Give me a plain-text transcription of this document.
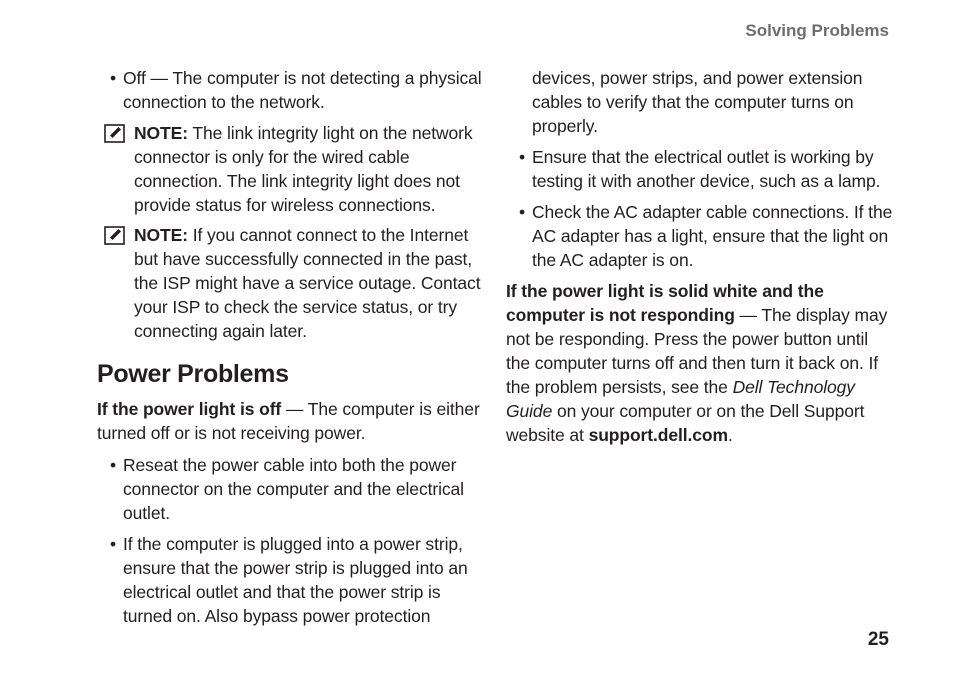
Solving Problems
• Off — The computer is not detecting a physical connection to the network.
NOTE: The link integrity light on the network connector is only for the wired cable connection. The link integrity light does not provide status for wireless connections.
NOTE: If you cannot connect to the Internet but have successfully connected in the past, the ISP might have a service outage. Contact your ISP to check the service status, or try connecting again later.
Power Problems

If the power light is off — The computer is either turned off or is not receiving power.

• Reseat the power cable into both the power connector on the computer and the electrical outlet.
• If the computer is plugged into a power strip, ensure that the power strip is plugged into an electrical outlet and that the power strip is turned on. Also bypass power protection
devices, power strips, and power extension cables to verify that the computer turns on properly.
• Ensure that the electrical outlet is working by testing it with another device, such as a lamp.
• Check the AC adapter cable connections. If the AC adapter has a light, ensure that the light on the AC adapter is on.

If the power light is solid white and the computer is not responding — The display may not be responding. Press the power button until the computer turns off and then turn it back on. If the problem persists, see the Dell Technology Guide on your computer or on the Dell Support website at support.dell.com.

25
